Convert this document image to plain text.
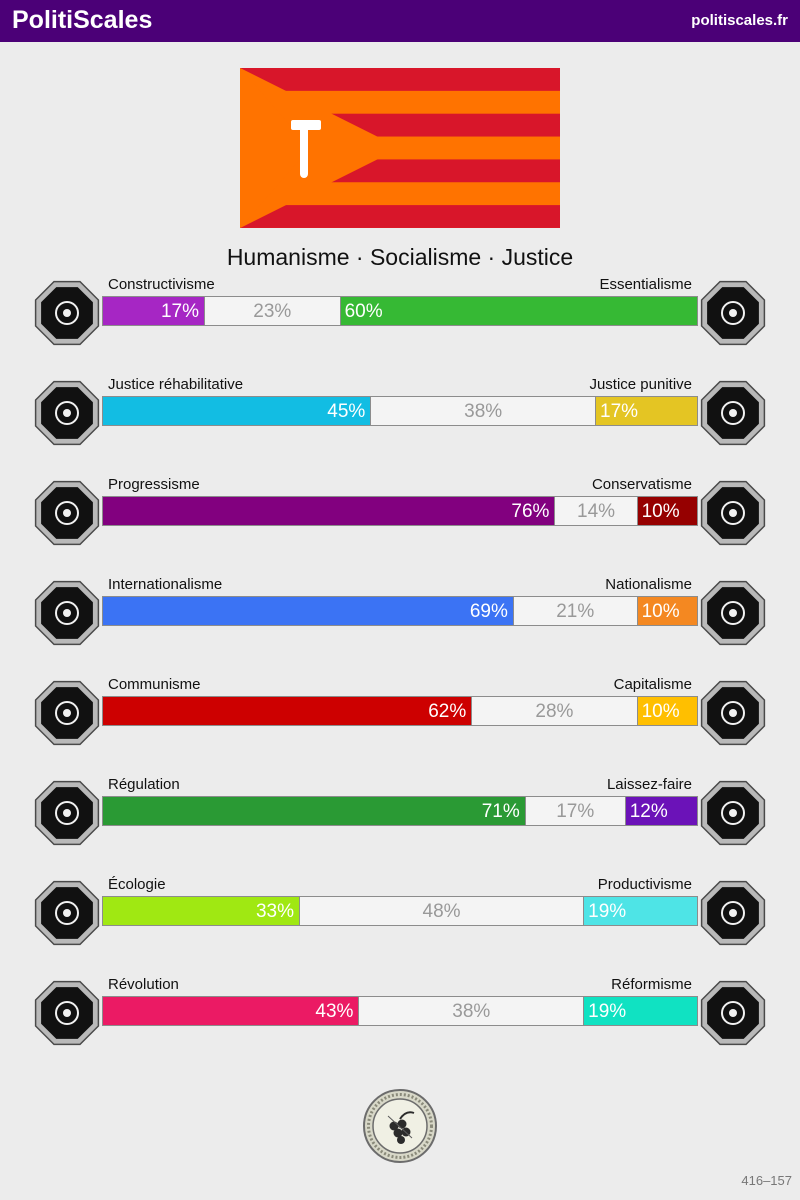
PolitiScales	politiscales.fr
Humanisme · Socialisme · Justice
Constructivisme	Essentialisme
17%	23%	60%
Justice réhabilitative	Justice punitive
45%	38%	17%
Progressisme	Conservatisme
76%	14%	10%
Internationalisme	Nationalisme
69%	21%	10%
Communisme	Capitalisme
62%	28%	10%
Régulation	Laissez-faire
71%	17%	12%
Écologie	Productivisme
33%	48%	19%
Révolution	Réformisme
43%	38%	19%
416–157
